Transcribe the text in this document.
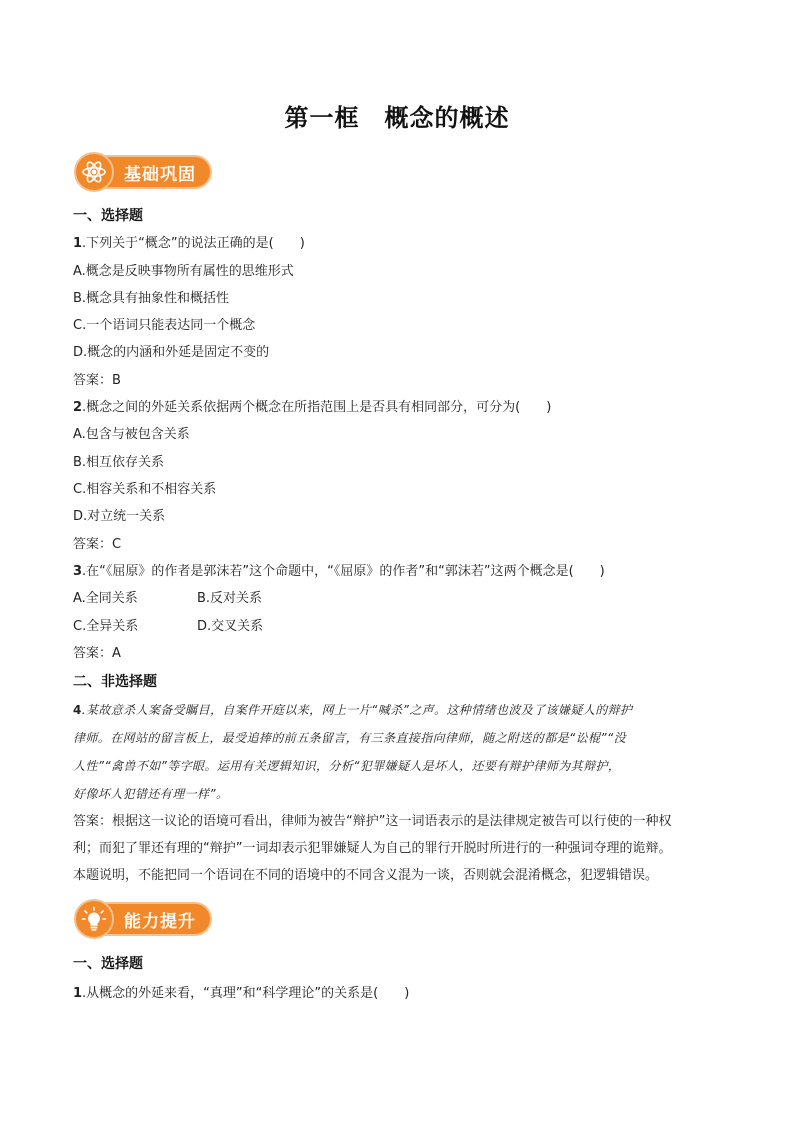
第一框　概念的概述
基础巩固
一、选择题
1.下列关于“概念”的说法正确的是(　　)
A.概念是反映事物所有属性的思维形式
B.概念具有抽象性和概括性
C.一个语词只能表达同一个概念
D.概念的内涵和外延是固定不变的
答案：B
2.概念之间的外延关系依据两个概念在所指范围上是否具有相同部分，可分为(　　)
A.包含与被包含关系
B.相互依存关系
C.相容关系和不相容关系
D.对立统一关系
答案：C
3.在“《屈原》的作者是郭沫若”这个命题中，“《屈原》的作者”和“郭沫若”这两个概念是(　　)
A.全同关系	B.反对关系
C.全异关系	D.交叉关系
答案：A
二、非选择题
4.某故意杀人案备受瞩目，自案件开庭以来，网上一片“喊杀”之声。这种情绪也波及了该嫌疑人的辩护
律师。在网站的留言板上，最受追捧的前五条留言，有三条直接指向律师，随之附送的都是“讼棍”“没
人性”“禽兽不如”等字眼。运用有关逻辑知识，分析“犯罪嫌疑人是坏人，还要有辩护律师为其辩护，
好像坏人犯错还有理一样”。
答案：根据这一议论的语境可看出，律师为被告“辩护”这一词语表示的是法律规定被告可以行使的一种权
利；而犯了罪还有理的“辩护”一词却表示犯罪嫌疑人为自己的罪行开脱时所进行的一种强词夺理的诡辩。
本题说明，不能把同一个语词在不同的语境中的不同含义混为一谈，否则就会混淆概念，犯逻辑错误。
能力提升
一、选择题
1.从概念的外延来看，“真理”和“科学理论”的关系是(　　)
